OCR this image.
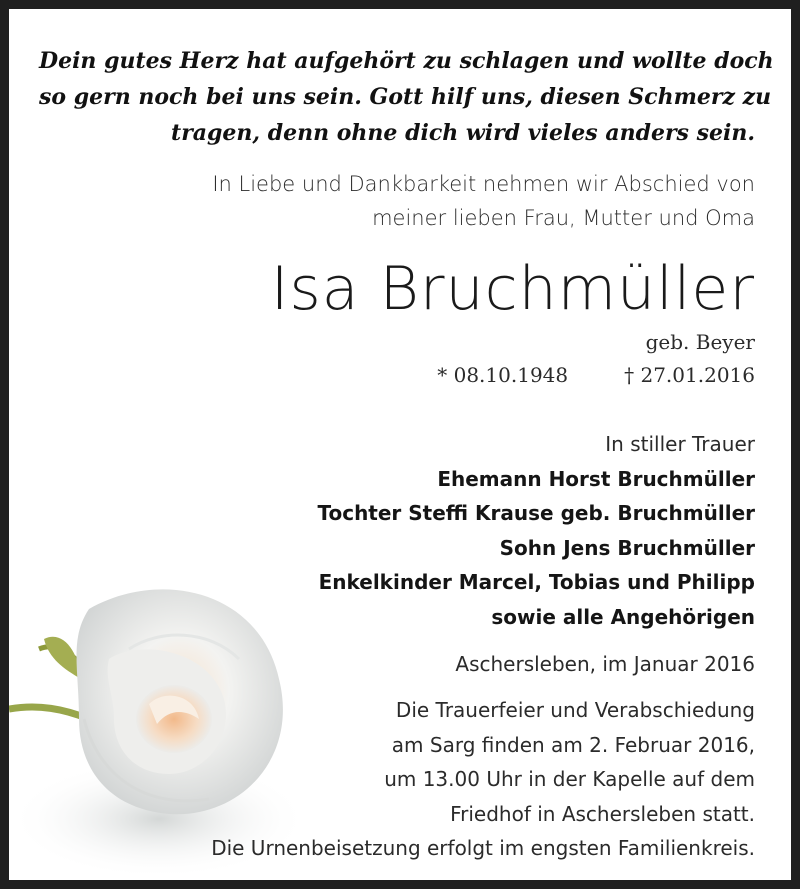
Dein gutes Herz hat aufgehört zu schlagen und wollte doch
so gern noch bei uns sein. Gott hilf uns, diesen Schmerz zu
tragen, denn ohne dich wird vieles anders sein.

In Liebe und Dankbarkeit nehmen wir Abschied von
meiner lieben Frau, Mutter und Oma

Isa Bruchmüller

geb. Beyer

* 08.10.1948	† 27.01.2016

In stiller Trauer
Ehemann Horst Bruchmüller
Tochter Steffi Krause geb. Bruchmüller
Sohn Jens Bruchmüller
Enkelkinder Marcel, Tobias und Philipp
sowie alle Angehörigen

Aschersleben, im Januar 2016

Die Trauerfeier und Verabschiedung
am Sarg finden am 2. Februar 2016,
um 13.00 Uhr in der Kapelle auf dem
Friedhof in Aschersleben statt.
Die Urnenbeisetzung erfolgt im engsten Familienkreis.
